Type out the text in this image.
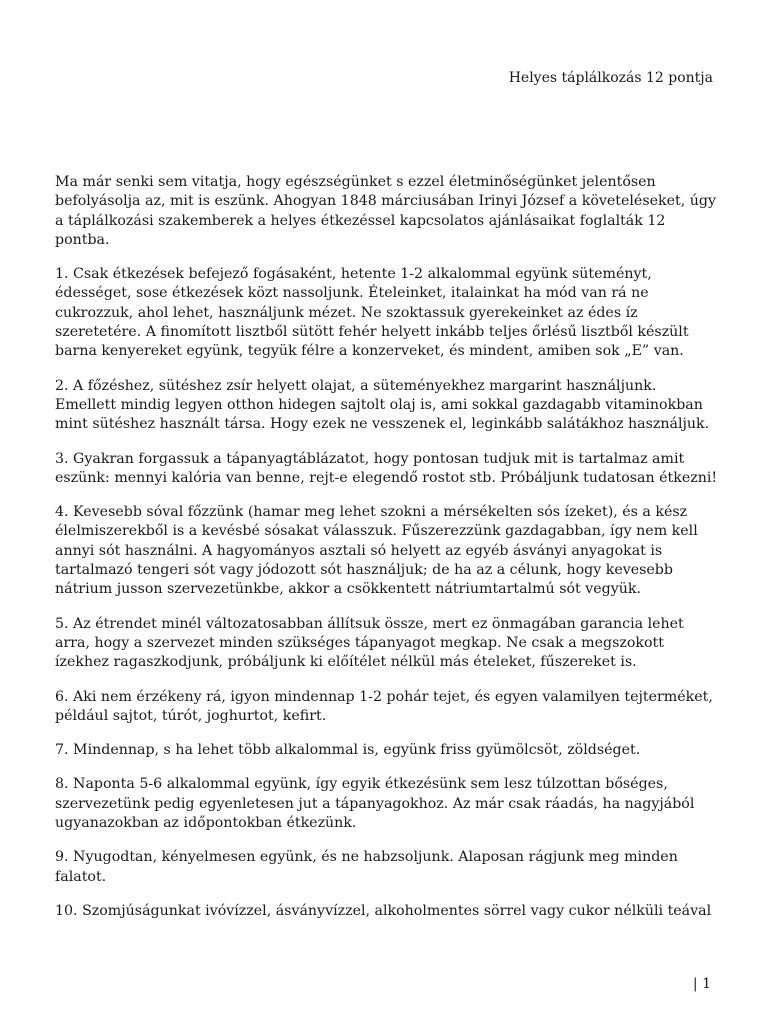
Helyes táplálkozás 12 pontja

Ma már senki sem vitatja, hogy egészségünket s ezzel életminőségünket jelentősen befolyásolja az, mit is eszünk. Ahogyan 1848 márciusában Irinyi József a követeléseket, úgy a táplálkozási szakemberek a helyes étkezéssel kapcsolatos ajánlásaikat foglalták 12 pontba.

1. Csak étkezések befejező fogásaként, hetente 1-2 alkalommal együnk süteményt, édességet, sose étkezések közt nassoljunk. Ételeinket, italainkat ha mód van rá ne cukrozzuk, ahol lehet, használjunk mézet. Ne szoktassuk gyerekeinket az édes íz szeretetére. A finomított lisztből sütött fehér helyett inkább teljes őrlésű lisztből készült barna kenyereket együnk, tegyük félre a konzerveket, és mindent, amiben sok „E” van.

2. A főzéshez, sütéshez zsír helyett olajat, a süteményekhez margarint használjunk. Emellett mindig legyen otthon hidegen sajtolt olaj is, ami sokkal gazdagabb vitaminokban mint sütéshez használt társa. Hogy ezek ne vesszenek el, leginkább salátákhoz használjuk.

3. Gyakran forgassuk a tápanyagtáblázatot, hogy pontosan tudjuk mit is tartalmaz amit eszünk: mennyi kalória van benne, rejt-e elegendő rostot stb. Próbáljunk tudatosan étkezni!

4. Kevesebb sóval főzzünk (hamar meg lehet szokni a mérsékelten sós ízeket), és a kész élelmiszerekből is a kevésbé sósakat válasszuk. Fűszerezzünk gazdagabban, így nem kell annyi sót használni. A hagyományos asztali só helyett az egyéb ásványi anyagokat is tartalmazó tengeri sót vagy jódozott sót használjuk; de ha az a célunk, hogy kevesebb nátrium jusson szervezetünkbe, akkor a csökkentett nátriumtartalmú sót vegyük.

5. Az étrendet minél változatosabban állítsuk össze, mert ez önmagában garancia lehet arra, hogy a szervezet minden szükséges tápanyagot megkap. Ne csak a megszokott ízekhez ragaszkodjunk, próbáljunk ki előítélet nélkül más ételeket, fűszereket is.

6. Aki nem érzékeny rá, igyon mindennap 1-2 pohár tejet, és egyen valamilyen tejterméket, például sajtot, túrót, joghurtot, kefirt.

7. Mindennap, s ha lehet több alkalommal is, együnk friss gyümölcsöt, zöldséget.

8. Naponta 5-6 alkalommal együnk, így egyik étkezésünk sem lesz túlzottan bőséges, szervezetünk pedig egyenletesen jut a tápanyagokhoz. Az már csak ráadás, ha nagyjából ugyanazokban az időpontokban étkezünk.

9. Nyugodtan, kényelmesen együnk, és ne habzsoljunk. Alaposan rágjunk meg minden falatot.

10. Szomjúságunkat ivóvízzel, ásványvízzel, alkoholmentes sörrel vagy cukor nélküli teával

| 1
